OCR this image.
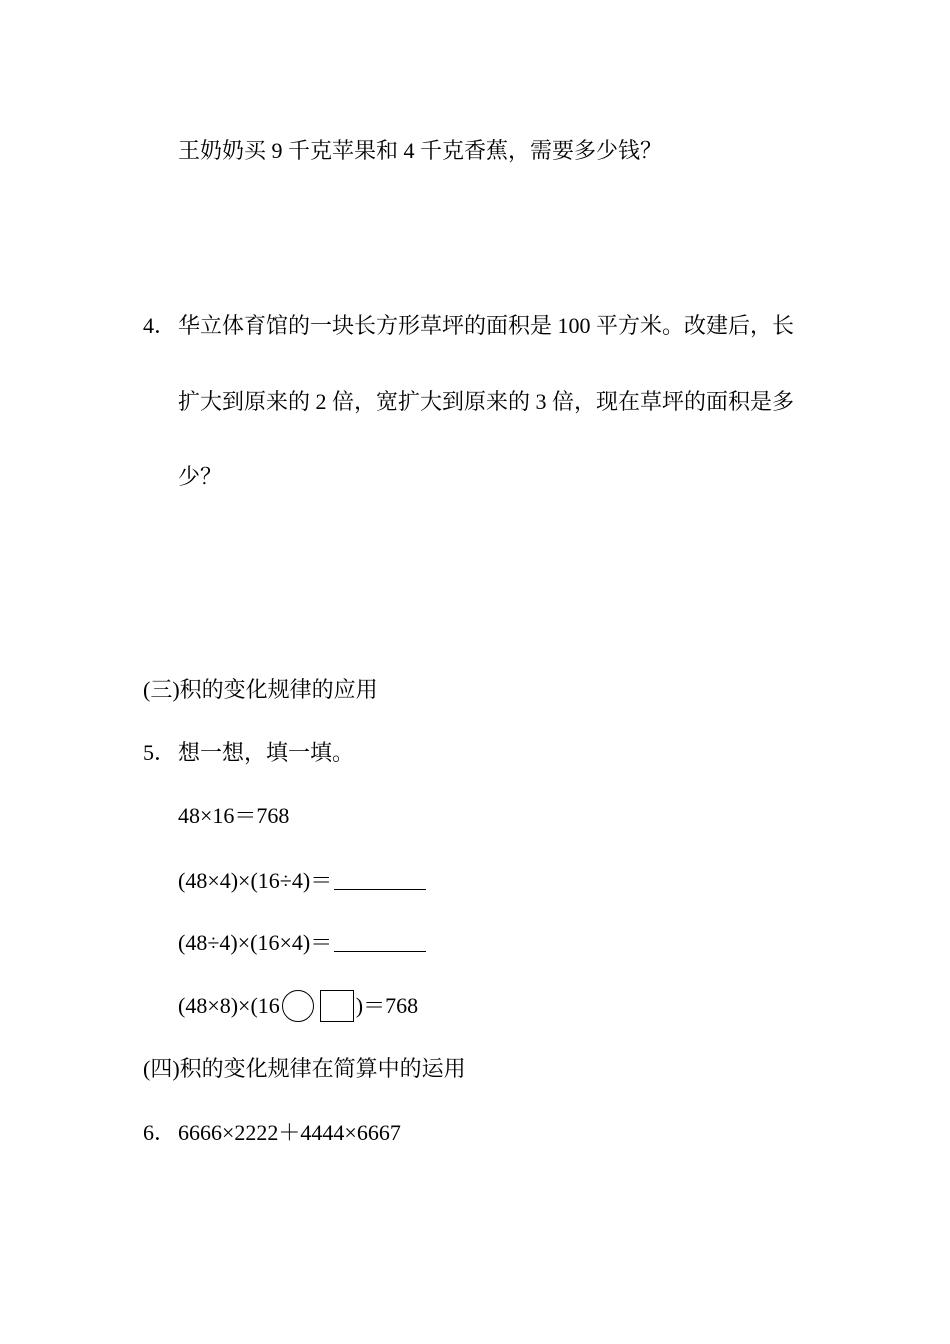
王奶奶买 9 千克苹果和 4 千克香蕉，需要多少钱？
4．华立体育馆的一块长方形草坪的面积是 100 平方米。改建后，长
扩大到原来的 2 倍，宽扩大到原来的 3 倍，现在草坪的面积是多
少？
(三)积的变化规律的应用
5．想一想，填一填。
48×16＝768
(48×4)×(16÷4)＝
(48÷4)×(16×4)＝
(48×8)×(16	)＝768
(四)积的变化规律在简算中的运用
6．6666×2222＋4444×6667
